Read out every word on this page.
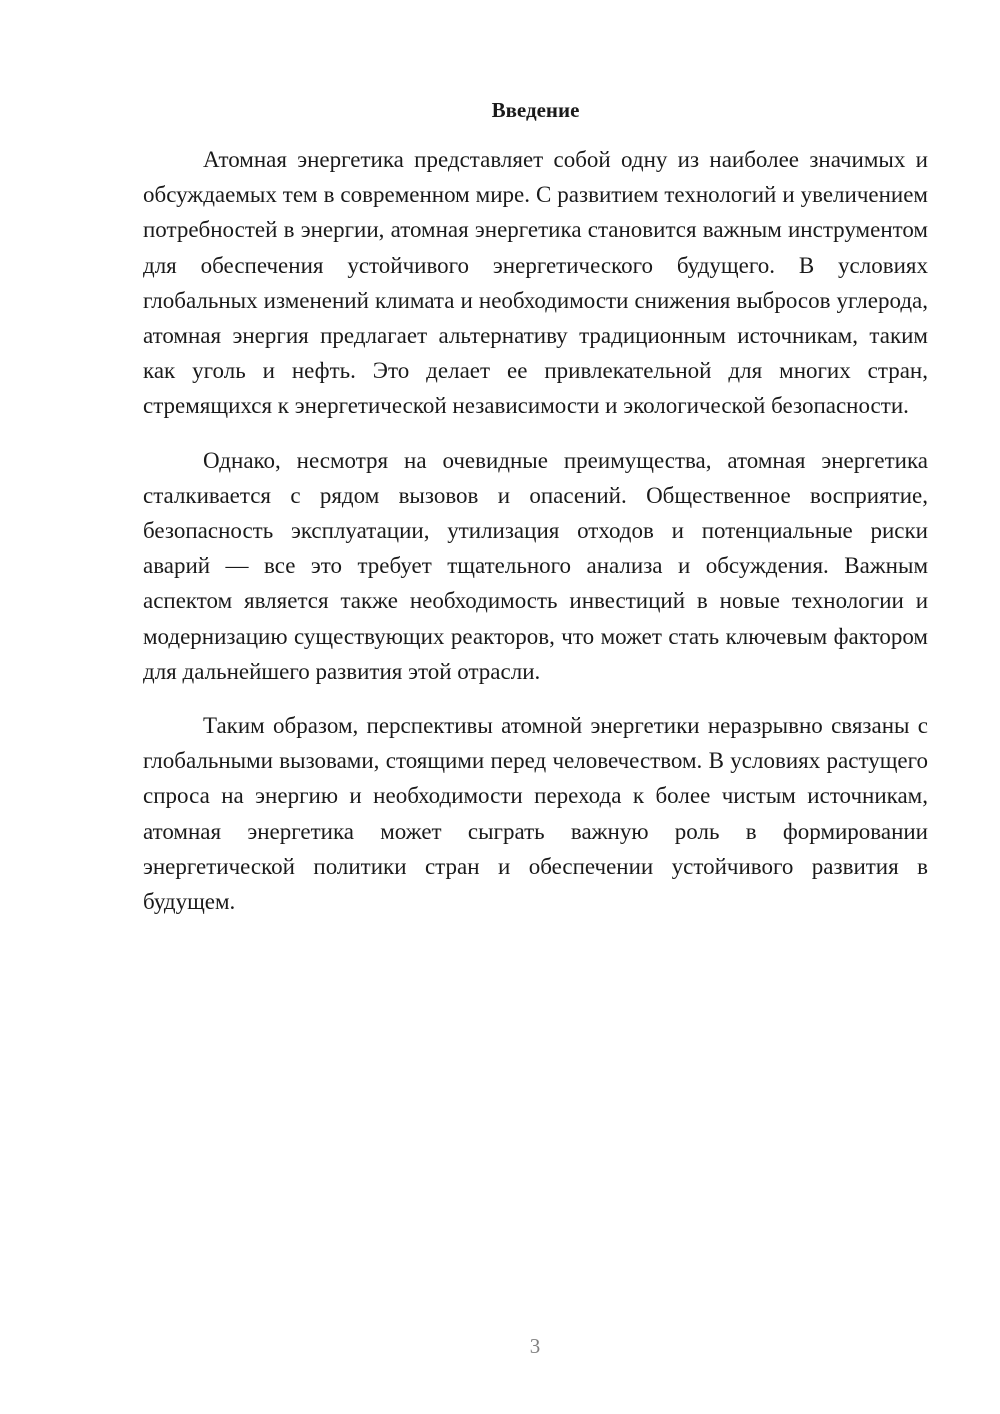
Введение

Атомная энергетика представляет собой одну из наиболее значимых и обсуждаемых тем в современном мире. С развитием технологий и увеличением потребностей в энергии, атомная энергетика становится важным инструментом для обеспечения устойчивого энергетического будущего. В условиях глобальных изменений климата и необходимости снижения выбросов углерода, атомная энергия предлагает альтернативу традиционным источникам, таким как уголь и нефть. Это делает ее привлекательной для многих стран, стремящихся к энергетической независимости и экологической безопасности.

Однако, несмотря на очевидные преимущества, атомная энергетика сталкивается с рядом вызовов и опасений. Общественное восприятие, безопасность эксплуатации, утилизация отходов и потенциальные риски аварий — все это требует тщательного анализа и обсуждения. Важным аспектом является также необходимость инвестиций в новые технологии и модернизацию существующих реакторов, что может стать ключевым фактором для дальнейшего развития этой отрасли.

Таким образом, перспективы атомной энергетики неразрывно связаны с глобальными вызовами, стоящими перед человечеством. В условиях растущего спроса на энергию и необходимости перехода к более чистым источникам, атомная энергетика может сыграть важную роль в формировании энергетической политики стран и обеспечении устойчивого развития в будущем.

3
